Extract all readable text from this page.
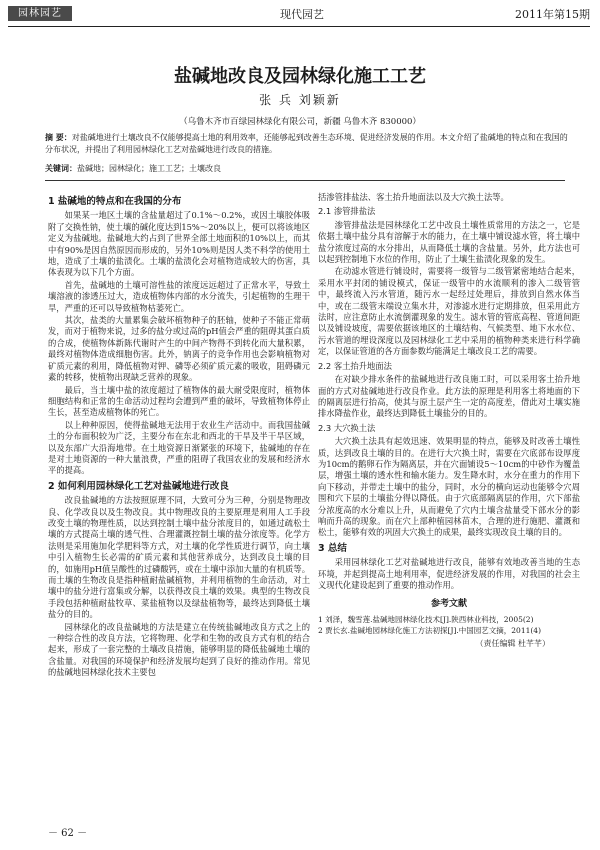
园林园艺	现代园艺	2011年第15期
盐碱地改良及园林绿化施工工艺
张 兵 刘颖新
（乌鲁木齐市百绿园林绿化有限公司，新疆 乌鲁木齐 830000）
摘 要：对盐碱地进行土壤改良不仅能够提高土地的利用效率，还能够起到改善生态环境、促进经济发展的作用。本文介绍了盐碱地的特点和在我国的分布状况，并提出了利用园林绿化工艺对盐碱地进行改良的措施。
关键词：盐碱地；园林绿化；施工工艺；土壤改良
1 盐碱地的特点和在我国的分布
如果某一地区土壤的含盐量超过了0.1%～0.2%，或因土壤胶体吸附了交换性钠，使土壤的碱化度达到15%～20%以上，便可以将该地区定义为盐碱地。盐碱地大约占到了世界全部土地面积的10%以上，而其中有90%是因自然原因而形成的，另外10%则是因人类不科学的使用土地，造成了土壤的盐渍化。土壤的盐渍化会对植物造成较大的伤害，具体表现为以下几个方面。
首先，盐碱地的土壤可溶性盐的浓度远远超过了正常水平，导致土壤溶液的渗透压过大，造成植物体内部的水分流失，引起植物的生理干旱，严重的还可以导致植物枯萎死亡。
其次，盐类的大量累集会破坏植物种子的胚轴，使种子不能正常萌发，而对于植物来说，过多的盐分或过高的pH值会严重的阻碍其蛋白质的合成，使植物体新陈代谢时产生的中间产物得不到转化而大量积累，最终对植物体造成细胞伤害。此外，钠离子的竞争作用也会影响植物对矿质元素的利用，降低植物对钾、磷等必须矿质元素的吸收，阻碍磷元素的转移，使植物出现缺乏营养的现象。
最后，当土壤中盐的浓度超过了植物体的最大耐受限度时，植物体细胞结构和正常的生命活动过程均会遭到严重的破坏，导致植物体停止生长，甚至造成植物体的死亡。
以上种种原因，使得盐碱地无法用于农业生产活动中。而我国盐碱土的分布面积较为广泛，主要分布在东北和西北的干旱及半干旱区域，以及东部广大沿海地带。在土地资源日渐紧张的环境下，盐碱地的存在是对土地资源的一种大量浪费，严重的阻碍了我国农业的发展和经济水平的提高。
2 如何利用园林绿化工艺对盐碱地进行改良
改良盐碱地的方法按照原理不同，大致可分为三种，分别是物理改良、化学改良以及生物改良。其中物理改良的主要原理是利用人工手段改变土壤的物理性质，以达到控制土壤中盐分浓度目的，如通过疏松土壤的方式提高土壤的透气性、合理灌溉控制土壤的盐分浓度等。化学方法则是采用施加化学肥料等方式，对土壤的化学性质进行调节，向土壤中引入植物生长必需的矿质元素和其他营养成分，达到改良土壤的目的，如施用pH值呈酸性的过磷酸钙，或在土壤中添加大量的有机质等。而土壤的生物改良是指种植耐盐碱植物，并利用植物的生命活动，对土壤中的盐分进行富集或分解，以获得改良土壤的效果。典型的生物改良手段包括种植耐盐牧草、菜盐植物以及绿盐植物等，最终达到降低土壤盐分的目的。
园林绿化的改良盐碱地的方法是建立在传统盐碱地改良方式之上的一种综合性的改良方法，它将物理、化学和生物的改良方式有机的结合起来，形成了一套完整的土壤改良措施，能够明显的降低盐碱地土壤的含盐量。对我国的环境保护和经济发展均起到了良好的推动作用。常见的盐碱地园林绿化技术主要包
括渗管排盐法、客土抬升地面法以及大穴换土法等。
2.1 渗管排盐法
渗管排盐法是园林绿化工艺中改良土壤性质常用的方法之一，它是依据土壤中盐分具有溶解于水的能力，在土壤中铺设滤水管，将土壤中盐分浓度过高的水分排出，从而降低土壤的含盐量。另外，此方法也可以起到控制地下水位的作用，防止了土壤生盐渍化现象的发生。
在动滤水管进行铺设时，需要将一级管与二级管紧密地结合起来，采用水平封闭的铺设模式，保证一级管中的水流顺利的渗入二级管管中，最终流入污水管道，随污水一起经过处理后，排放到自然水体当中，或在二级管末端设立集水井，对渗滤水进行定期排放，但采用此方法时，应注意防止水流倒灌现象的发生。滤水管的管底高程、管道间距以及铺设坡度，需要依据该地区的土壤结构、气候类型、地下水水位、污水管道的埋设深度以及园林绿化工艺中采用的植物种类来进行科学确定，以保证管道的各方面参数均能满足土壤改良工艺的需要。
2.2 客土抬升地面法
在对缺少排水条件的盐碱地进行改良施工时，可以采用客土抬升地面的方式对盐碱地进行改良作业。此方法的原理是利用客土将地面的下的隔离层进行抬高，使其与原土层产生一定的高度差，借此对土壤实施排水降盐作业，最终达到降低土壤盐分的目的。
2.3 大穴换土法
大穴换土法具有起效迅速、效果明显的特点，能够及时改善土壤性质，达到改良土壤的目的。在进行大穴换土时，需要在穴底部布设厚度为10cm的鹅卵石作为隔离层，并在穴面铺设5～10cm的中砂作为覆盖层，增强土壤的透水性和输水能力。发生降水时，水分在重力的作用下向下移动，并带走土壤中的盐分，同时，水分的横向运动也能够令穴周围和穴下层的土壤盐分得以降低。由于穴底部隔离层的作用，穴下部盐分浓度高的水分难以上升，从而避免了穴内土壤含盐量受下部水分的影响而升高的现象。而在穴上部种植园林苗木，合理的进行施肥、灌溉和松土，能够有效的巩固大穴换土的成果，最终实现改良土壤的目的。
3 总结
采用园林绿化工艺对盐碱地进行改良，能够有效地改善当地的生态环境，并起到提高土地利用率，促进经济发展的作用，对我国的社会主义现代化建设起到了重要的推动作用。
参考文献
1 刘泽，魏雪莲.盐碱地园林绿化技术[J].陕西林业科技，2005(2)
2 贾长玄.盐碱地园林绿化施工方法初探[J].中国园艺文摘，2011(4)
（责任编辑 杜芊芊）
－ 62 －
